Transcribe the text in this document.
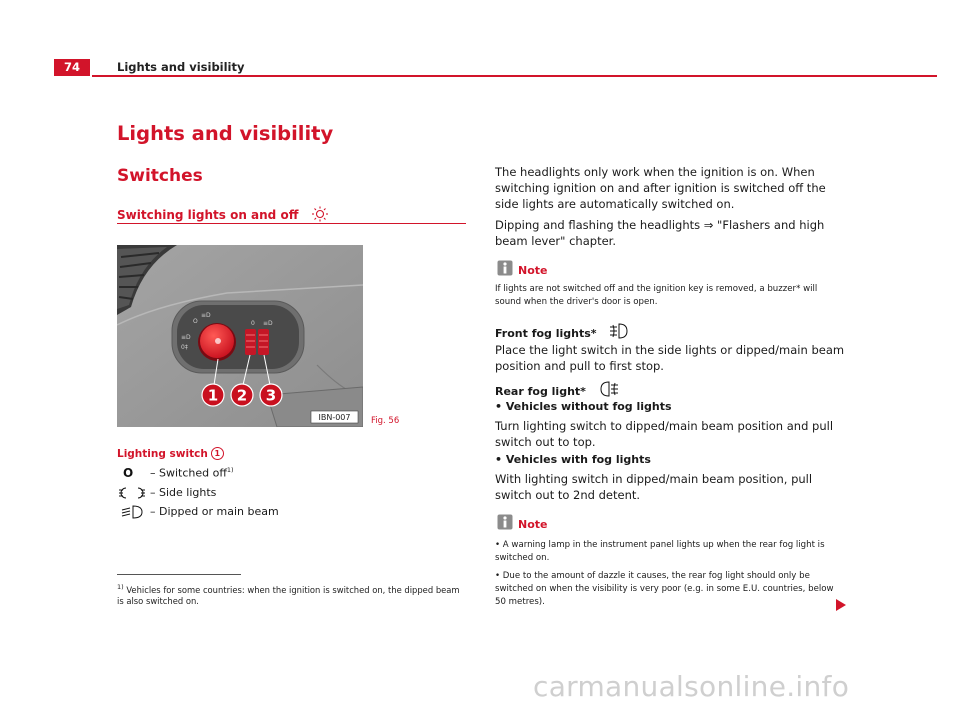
74	Lights and visibility
Lights and visibility
Switches
Switching lights on and off
O
≡D
≡D
0‡
0 ≡D
1 2 3
IBN-007 Fig. 56
Lighting switch 1
O – Switched off$^{1)}$
– Side lights
– Dipped or main beam
$^{1)}$ Vehicles for some countries: when the ignition is switched on, the dipped beam is also switched on.
The headlights only work when the ignition is on. When switching ignition on and after ignition is switched off the side lights are automatically switched on.
Dipping and flashing the headlights ⇒ "Flashers and high beam lever" chapter.
Note
If lights are not switched off and the ignition key is removed, a buzzer* will sound when the driver's door is open.
Front fog lights*
Place the light switch in the side lights or dipped/main beam position and pull to first stop.
Rear fog light*
• Vehicles without fog lights
Turn lighting switch to dipped/main beam position and pull switch out to top.
• Vehicles with fog lights
With lighting switch in dipped/main beam position, pull switch out to 2nd detent.
Note
• A warning lamp in the instrument panel lights up when the rear fog light is switched on.
• Due to the amount of dazzle it causes, the rear fog light should only be switched on when the visibility is very poor (e.g. in some E.U. countries, below 50 metres).
carmanualsonline.info
